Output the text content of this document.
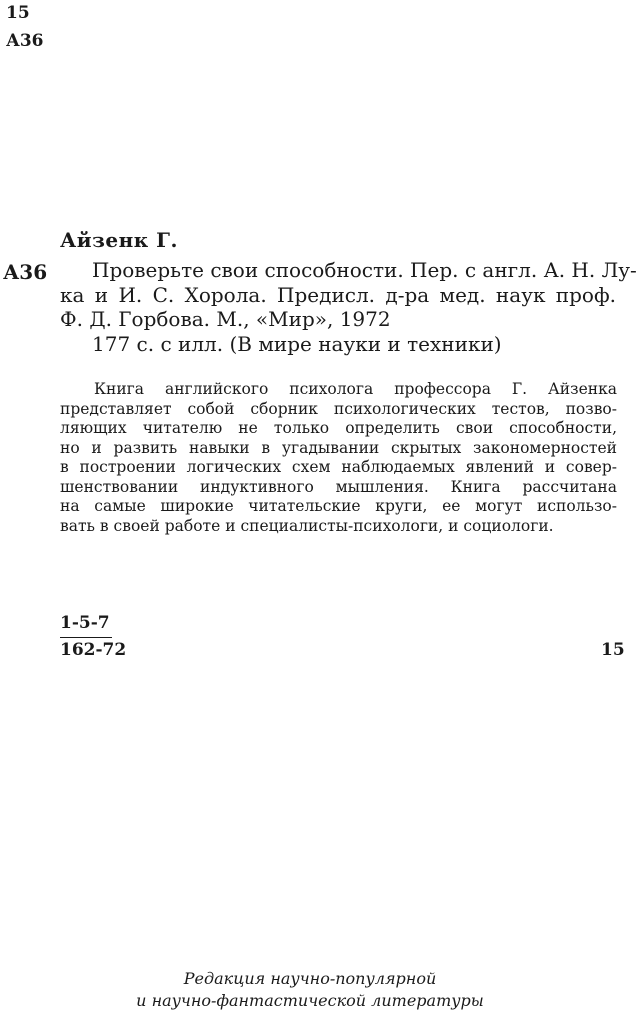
15
А36
Айзенк Г.
А36	Проверьте свои способности. Пер. с англ. А. Н. Лу-
ка и И. С. Хорола. Предисл. д-ра мед. наук проф.
Ф. Д. Горбова. М., «Мир», 1972
177 с. с илл. (В мире науки и техники)
Книга английского психолога профессора Г. Айзенка
представляет собой сборник психологических тестов, позво-
ляющих читателю не только определить свои способности,
но и развить навыки в угадывании скрытых закономерностей
в построении логических схем наблюдаемых явлений и совер-
шенствовании индуктивного мышления. Книга рассчитана
на самые широкие читательские круги, ее могут использо-
вать в своей работе и специалисты-психологи, и социологи.
1-5-7
162-72	15
Редакция научно-популярной
и научно-фантастической литературы
